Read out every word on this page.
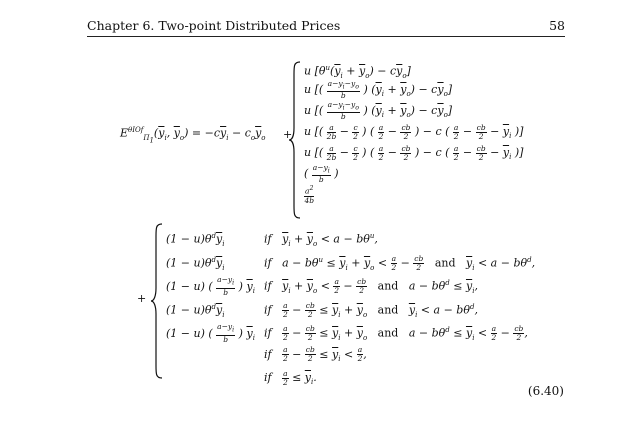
Chapter 6. Two-point Distributed Prices	58
$E^{\theta IOf}_{\Pi_1}(\overline{y}_i$, $\overline{y}_o) = -c\overline{y}_i - c_o\overline{y}_o$ +
u $[\theta^u(\overline{y}_i + \overline{y}_o) - c\overline{y}_o]$
u [( $\frac{a-y_i-y_o}{b}$ ) $(\overline{y}_i + \overline{y}_o) - c\overline{y}_o$]
u [( $\frac{a-y_i-y_o}{b}$ ) $(\overline{y}_i + \overline{y}_o) - c\overline{y}_o$]
u [( $\frac{a}{2b} - \frac{c}{2}$ ) ( $\frac{a}{2} - \frac{cb}{2}$ ) − c ( $\frac{a}{2} - \frac{cb}{2} - \overline{y}_i$ )]
u [( $\frac{a}{2b} - \frac{c}{2}$ ) ( $\frac{a}{2} - \frac{cb}{2}$ ) − c ( $\frac{a}{2} - \frac{cb}{2} - \overline{y}_i$ )]
( $\frac{a-y_i}{b}$ )
$\frac{a^2}{4b}$
+
$(1 - u)\theta^d\overline{y}_i$	if   $\overline{y}_i + \overline{y}_o < a - b\theta^u$,
$(1 - u)\theta^d\overline{y}_i$	if   $a - b\theta^u \le \overline{y}_i + \overline{y}_o < \frac{a}{2} - \frac{cb}{2}$ and $\overline{y}_i < a - b\theta^d$,
(1 − u) ( $\frac{a-y_i}{b}$ ) $\overline{y}_i$ if   $\overline{y}_i + \overline{y}_o < \frac{a}{2} - \frac{cb}{2}$ and   $a - b\theta^d \le \overline{y}_i$,
$(1 - u)\theta^d\overline{y}_i$	if $\frac{a}{2} - \frac{cb}{2} \le \overline{y}_i + \overline{y}_o$ and $\overline{y}_i < a - b\theta^d$,
(1 − u) ( $\frac{a-y_i}{b}$ ) $\overline{y}_i$ if $\frac{a}{2} - \frac{cb}{2} \le \overline{y}_i + \overline{y}_o$ and   $a - b\theta^d \le \overline{y}_i < \frac{a}{2} - \frac{cb}{2}$ ,
if $\frac{a}{2} - \frac{cb}{2} \le \overline{y}_i < \frac{a}{2}$ ,
if $\frac{a}{2} \le \overline{y}_i$.
(6.40)
